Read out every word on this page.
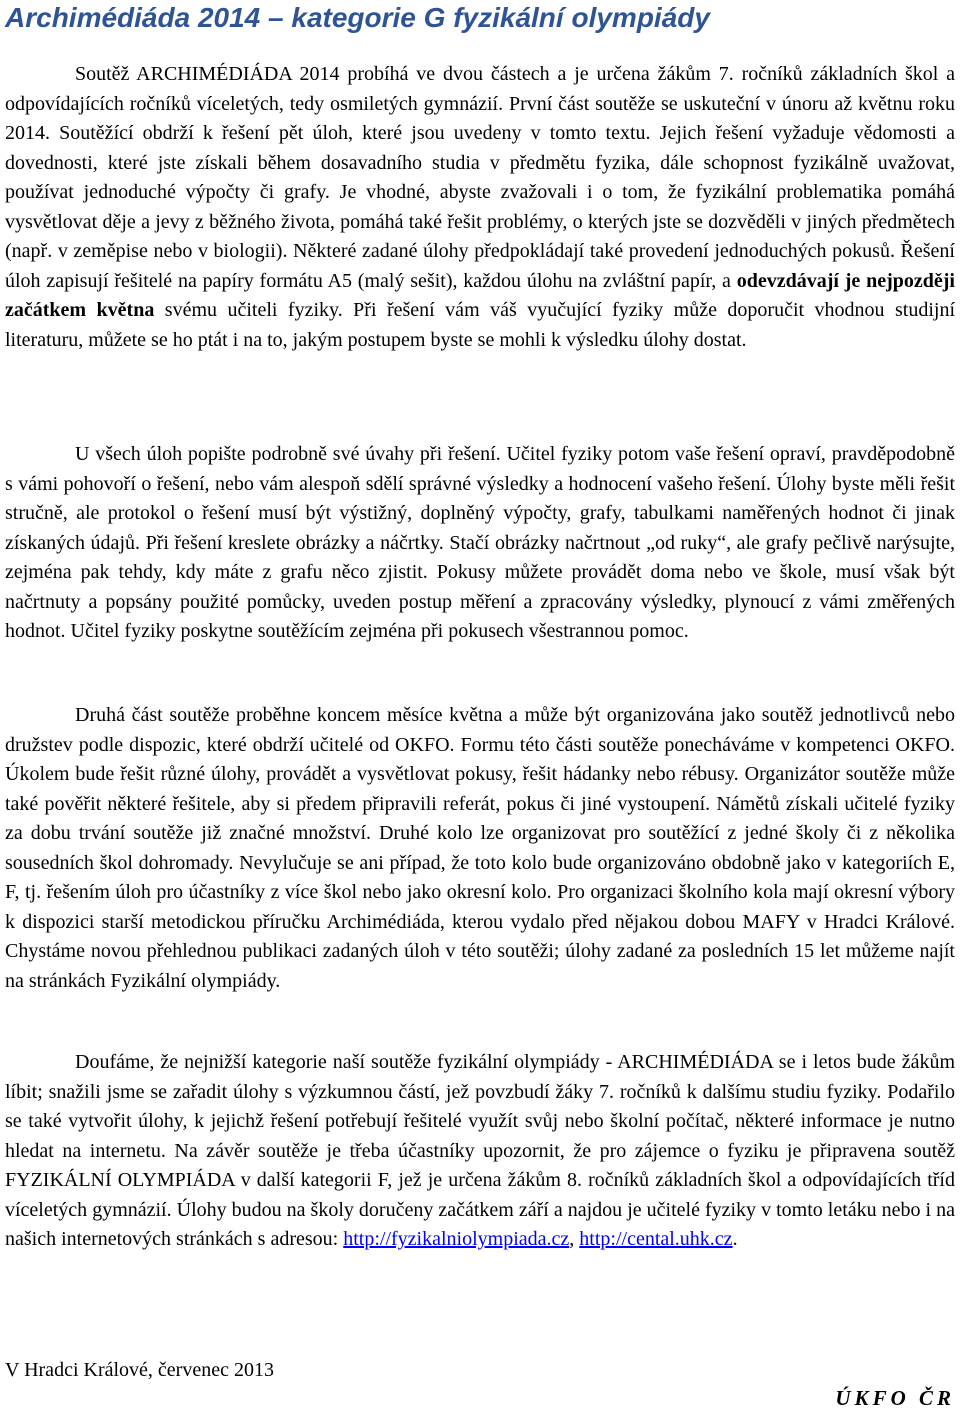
Archimédiáda 2014 – kategorie G fyzikální olympiády

Soutěž ARCHIMÉDIÁDA 2014 probíhá ve dvou částech a je určena žákům 7. ročníků základních škol a odpovídajících ročníků víceletých, tedy osmiletých gymnázií. První část soutěže se uskuteční v únoru až květnu roku 2014. Soutěžící obdrží k řešení pět úloh, které jsou uvedeny v tomto textu. Jejich řešení vyžaduje vědomosti a dovednosti, které jste získali během dosavadního studia v předmětu fyzika, dále schopnost fyzikálně uvažovat, používat jednoduché výpočty či grafy. Je vhodné, abyste zvažovali i o tom, že fyzikální problematika pomáhá vysvětlovat děje a jevy z běžného života, pomáhá také řešit problémy, o kterých jste se dozvěděli v jiných předmětech (např. v zeměpise nebo v biologii). Některé zadané úlohy předpokládají také provedení jednoduchých pokusů. Řešení úloh zapisují řešitelé na papíry formátu A5 (malý sešit), každou úlohu na zvláštní papír, a odevzdávají je nejpozději začátkem května svému učiteli fyziky. Při řešení vám váš vyučující fyziky může doporučit vhodnou studijní literaturu, můžete se ho ptát i na to, jakým postupem byste se mohli k výsledku úlohy dostat.

U všech úloh popište podrobně své úvahy při řešení. Učitel fyziky potom vaše řešení opraví, pravděpodobně s vámi pohovoří o řešení, nebo vám alespoň sdělí správné výsledky a hodnocení vašeho řešení. Úlohy byste měli řešit stručně, ale protokol o řešení musí být výstižný, doplněný výpočty, grafy, tabulkami naměřených hodnot či jinak získaných údajů. Při řešení kreslete obrázky a náčrtky. Stačí obrázky načrtnout „od ruky“, ale grafy pečlivě narýsujte, zejména pak tehdy, kdy máte z grafu něco zjistit. Pokusy můžete provádět doma nebo ve škole, musí však být načrtnuty a popsány použité pomůcky, uveden postup měření a zpracovány výsledky, plynoucí z vámi změřených hodnot. Učitel fyziky poskytne soutěžícím zejména při pokusech všestrannou pomoc.

Druhá část soutěže proběhne koncem měsíce května a může být organizována jako soutěž jednotlivců nebo družstev podle dispozic, které obdrží učitelé od OKFO. Formu této části soutěže ponecháváme v kompetenci OKFO. Úkolem bude řešit různé úlohy, provádět a vysvětlovat pokusy, řešit hádanky nebo rébusy. Organizátor soutěže může také pověřit některé řešitele, aby si předem připravili referát, pokus či jiné vystoupení. Námětů získali učitelé fyziky za dobu trvání soutěže již značné množství. Druhé kolo lze organizovat pro soutěžící z jedné školy či z několika sousedních škol dohromady. Nevylučuje se ani případ, že toto kolo bude organizováno obdobně jako v kategoriích E, F, tj. řešením úloh pro účastníky z více škol nebo jako okresní kolo. Pro organizaci školního kola mají okresní výbory k dispozici starší metodickou příručku Archimédiáda, kterou vydalo před nějakou dobou MAFY v Hradci Králové. Chystáme novou přehlednou publikaci zadaných úloh v této soutěži; úlohy zadané za posledních 15 let můžeme najít na stránkách Fyzikální olympiády.

Doufáme, že nejnižší kategorie naší soutěže fyzikální olympiády - ARCHIMÉDIÁDA se i letos bude žákům líbit; snažili jsme se zařadit úlohy s výzkumnou částí, jež povzbudí žáky 7. ročníků k dalšímu studiu fyziky. Podařilo se také vytvořit úlohy, k jejichž řešení potřebují řešitelé využít svůj nebo školní počítač, některé informace je nutno hledat na internetu. Na závěr soutěže je třeba účastníky upozornit, že pro zájemce o fyziku je připravena soutěž FYZIKÁLNÍ OLYMPIÁDA v další kategorii F, jež je určena žákům 8. ročníků základních škol a odpovídajících tříd víceletých gymnázií. Úlohy budou na školy doručeny začátkem září a najdou je učitelé fyziky v tomto letáku nebo i na našich internetových stránkách s adresou: http://fyzikalniolympiada.cz, http://cental.uhk.cz.

V Hradci Králové, červenec 2013

ÚKFO ČR
